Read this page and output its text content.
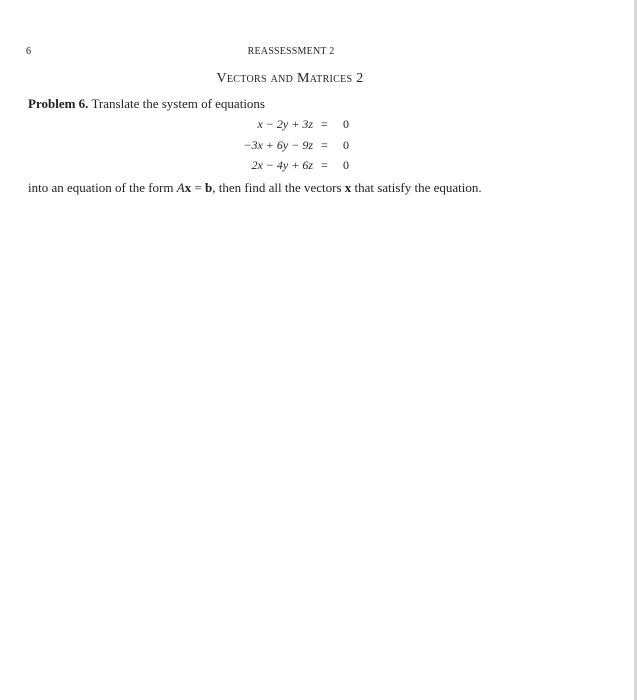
6	REASSESSMENT 2
Vectors and Matrices 2
Problem 6. Translate the system of equations
x − 2y + 3z = 0
−3x + 6y − 9z = 0
2x − 4y + 6z = 0
into an equation of the form Ax = b, then find all the vectors x that satisfy the equation.
